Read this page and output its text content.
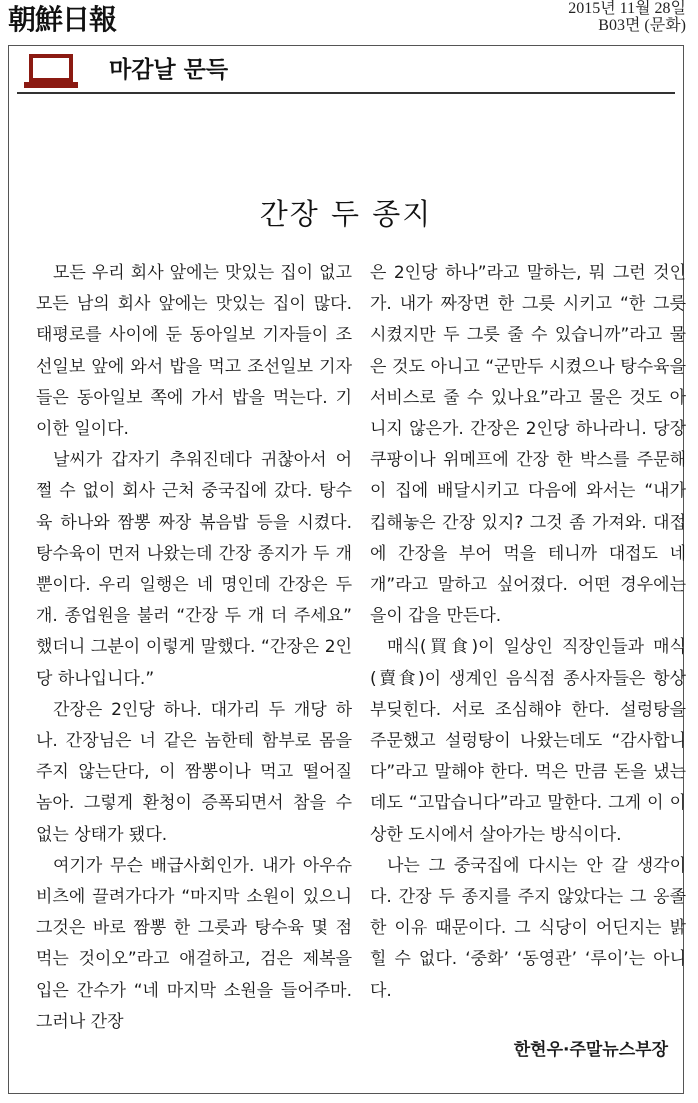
朝鮮日報	2015년 11월 28일
B03면 (문화)
마감날 문득
간장 두 종지

모든 우리 회사 앞에는 맛있는 집이 없고 모든 남의 회사 앞에는 맛있는 집이 많다. 태평로를 사이에 둔 동아일보 기자들이 조선일보 앞에 와서 밥을 먹고 조선일보 기자들은 동아일보 쪽에 가서 밥을 먹는다. 기이한 일이다.

날씨가 갑자기 추워진데다 귀찮아서 어쩔 수 없이 회사 근처 중국집에 갔다. 탕수육 하나와 짬뽕 짜장 볶음밥 등을 시켰다. 탕수육이 먼저 나왔는데 간장 종지가 두 개뿐이다. 우리 일행은 네 명인데 간장은 두 개. 종업원을 불러 “간장 두 개 더 주세요” 했더니 그분이 이렇게 말했다. “간장은 2인당 하나입니다.”

간장은 2인당 하나. 대가리 두 개당 하나. 간장님은 너 같은 놈한테 함부로 몸을 주지 않는단다, 이 짬뽕이나 먹고 떨어질 놈아. 그렇게 환청이 증폭되면서 참을 수 없는 상태가 됐다.

여기가 무슨 배급사회인가. 내가 아우슈비츠에 끌려가다가 “마지막 소원이 있으니 그것은 바로 짬뽕 한 그릇과 탕수육 몇 점 먹는 것이오”라고 애걸하고, 검은 제복을 입은 간수가 “네 마지막 소원을 들어주마. 그러나 간장

은 2인당 하나”라고 말하는, 뭐 그런 것인가. 내가 짜장면 한 그릇 시키고 “한 그릇 시켰지만 두 그릇 줄 수 있습니까”라고 물은 것도 아니고 “군만두 시켰으나 탕수육을 서비스로 줄 수 있나요”라고 물은 것도 아니지 않은가. 간장은 2인당 하나라니. 당장 쿠팡이나 위메프에 간장 한 박스를 주문해 이 집에 배달시키고 다음에 와서는 “내가 킵해놓은 간장 있지? 그것 좀 가져와. 대접에 간장을 부어 먹을 테니까 대접도 네 개”라고 말하고 싶어졌다. 어떤 경우에는 을이 갑을 만든다.

매식(買食)이 일상인 직장인들과 매식(賣食)이 생계인 음식점 종사자들은 항상 부딪힌다. 서로 조심해야 한다. 설렁탕을 주문했고 설렁탕이 나왔는데도 “감사합니다”라고 말해야 한다. 먹은 만큼 돈을 냈는데도 “고맙습니다”라고 말한다. 그게 이 이상한 도시에서 살아가는 방식이다.

나는 그 중국집에 다시는 안 갈 생각이다. 간장 두 종지를 주지 않았다는 그 옹졸한 이유 때문이다. 그 식당이 어딘지는 밝힐 수 없다. ‘중화’ ‘동영관’ ‘루이’는 아니다.

한현우·주말뉴스부장
